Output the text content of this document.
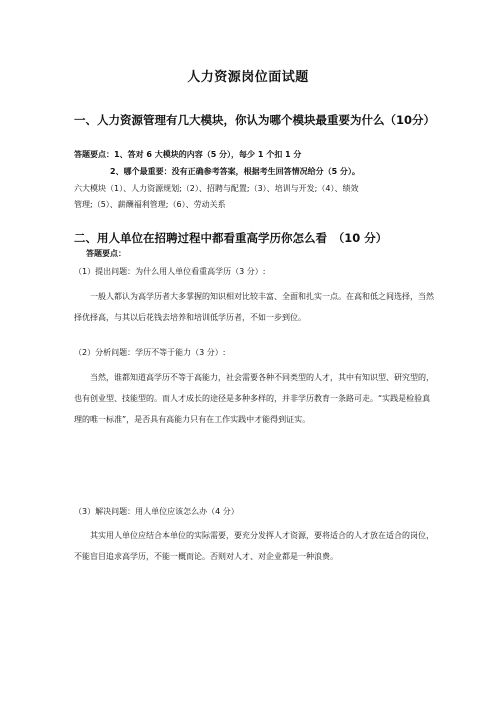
人力资源岗位面试题
一、人力资源管理有几大模块，你认为哪个模块最重要为什么（10分）
答题要点：1、答对 6 大模块的内容（5 分），每少 1 个扣 1 分
2、哪个最重要：没有正确参考答案，根据考生回答情况给分（5 分）。
六大模块（1）、人力资源规划;（2）、招聘与配置;（3）、培训与开发;（4）、绩效
管理;（5）、薪酬福利管理;（6）、劳动关系
二、用人单位在招聘过程中都看重高学历你怎么看　（10 分）
答题要点：
（1）提出问题：为什么用人单位看重高学历（3 分）:
一般人都认为高学历者大多掌握的知识相对比较丰富、全面和扎实一点。在高和低之间选择，当然择优择高，与其以后花钱去培养和培训低学历者，不如一步到位。
（2）分析问题：学历不等于能力（3 分）:
当然，谁都知道高学历不等于高能力，社会需要各种不同类型的人才，其中有知识型、研究型的，也有创业型、技能型的。而人才成长的途径是多种多样的，并非学历教育一条路可走。“实践是检验真理的唯一标准”，是否具有高能力只有在工作实践中才能得到证实。
（3）解决问题：用人单位应该怎么办（4 分）
其实用人单位应结合本单位的实际需要，要充分发挥人才资源，要将适合的人才放在适合的岗位，不能盲目追求高学历，不能一概而论。否则对人才、对企业都是一种浪费。
